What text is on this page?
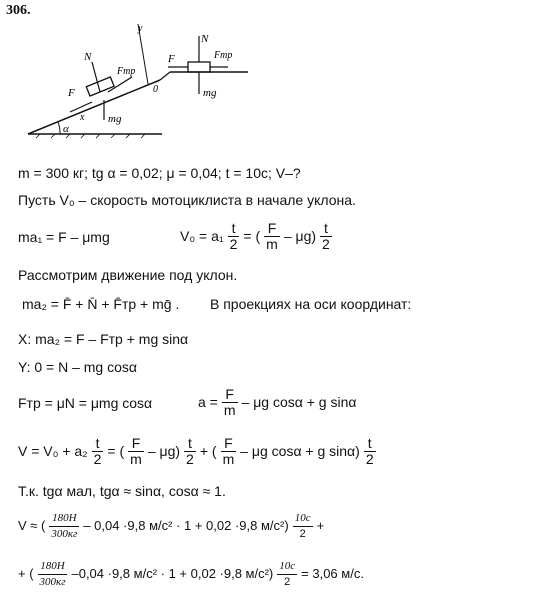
306.
α
N
Fтр
F
x mg
0
y
N
F	Fтр
mg
m = 300 кг; tg α = 0,02; μ = 0,04; t = 10с; V–?
Пусть V₀ – скорость мотоциклиста в начале уклона.
ma₁ = F – μmg	$V_0 = a_1 \frac{t}{2}$ = ( $\frac{F}{m} - \mu g) \frac{t}{2}$
Рассмотрим движение под уклон.
ma₂ = F̄ + N̄ + F̄тр + mḡ . В проекциях на оси координат:
X: ma₂ = F – Fтр + mg sinα
Y: 0 = N – mg cosα
Fтр = μN = μmg cosα	$a = \frac{F}{m} - \mu g$ cosα + g sinα
$V = V_0 + a_2 \frac{t}{2}$ = ( $\frac{F}{m} - \mu g) \frac{t}{2}$ + ( $\frac{F}{m}$ – μg cosα + g $\sin\alpha) \frac{t}{2}$
Т.к. tgα мал, tgα ≈ sinα, cosα ≈ 1.
V ≈ ( $\frac{180H}{300кг} - 0,04 \cdot 9,8$ м/с² · 1 + 0,02 ·9,8 $м/с^2) \frac{10c}{2}$ +
+ ( $\frac{180H}{300кг} -0,04 \cdot 9,8$ м/с² · 1 + 0,02 ·9,8 $м/с^2) \frac{10c}{2} = 3,06$ м/с.
